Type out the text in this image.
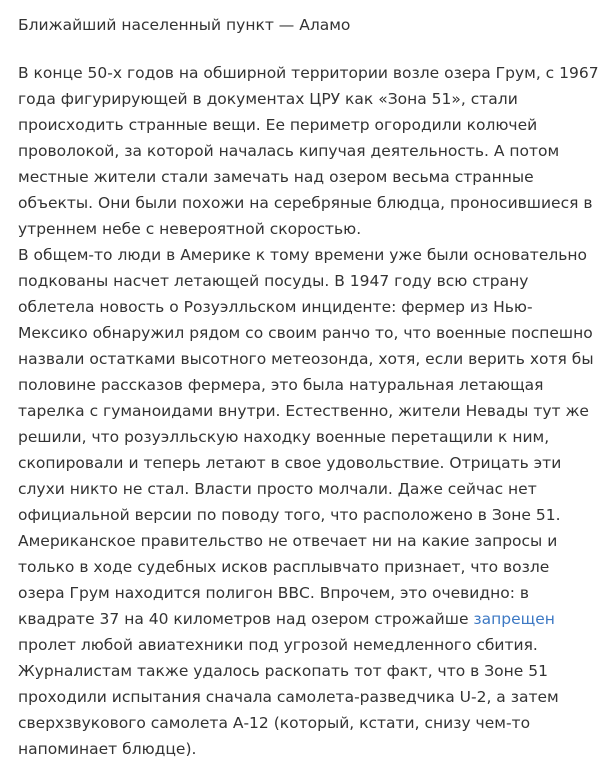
Ближайший населенный пункт — Аламо

В конце 50-х годов на обширной территории возле озера Грум, с 1967 года фигурирующей в документах ЦРУ как «Зона 51», стали происходить странные вещи. Ее периметр огородили колючей проволокой, за которой началась кипучая деятельность. А потом местные жители стали замечать над озером весьма странные объекты. Они были похожи на серебряные блюдца, проносившиеся в утреннем небе с невероятной скоростью.

В общем-то люди в Америке к тому времени уже были основательно подкованы насчет летающей посуды. В 1947 году всю страну облетела новость о Розуэлльском инциденте: фермер из Нью-Мексико обнаружил рядом со своим ранчо то, что военные поспешно назвали остатками высотного метеозонда, хотя, если верить хотя бы половине рассказов фермера, это была натуральная летающая тарелка с гуманоидами внутри. Естественно, жители Невады тут же решили, что розуэлльскую находку военные перетащили к ним, скопировали и теперь летают в свое удовольствие. Отрицать эти слухи никто не стал. Власти просто молчали. Даже сейчас нет официальной версии по поводу того, что расположено в Зоне 51. Американское правительство не отвечает ни на какие запросы и только в ходе судебных исков расплывчато признает, что возле озера Грум находится полигон ВВС. Впрочем, это очевидно: в квадрате 37 на 40 километров над озером строжайше запрещен пролет любой авиатехники под угрозой немедленного сбития. Журналистам также удалось раскопать тот факт, что в Зоне 51 проходили испытания сначала самолета-разведчика U-2, а затем сверхзвукового самолета А-12 (который, кстати, снизу чем-то напоминает блюдце).
